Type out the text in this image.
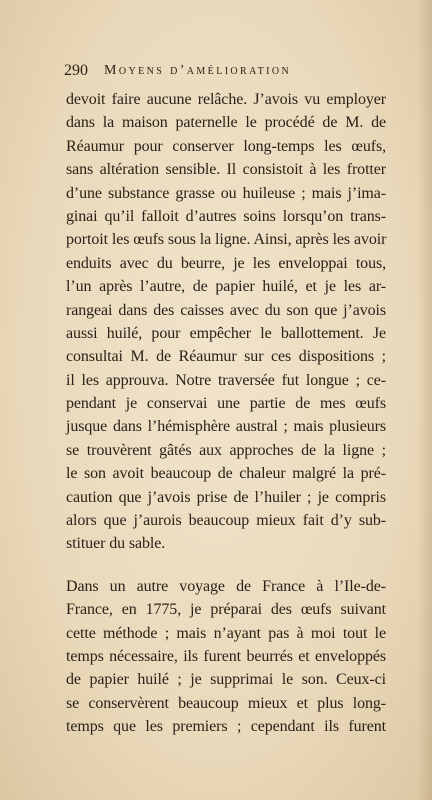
290 Moyens d’amélioration
devoit faire aucune relâche. J’avois vu employer
dans la maison paternelle le procédé de M. de
Réaumur pour conserver long-temps les œufs,
sans altération sensible. Il consistoit à les frotter
d’une substance grasse ou huileuse ; mais j’ima-
ginai qu’il falloit d’autres soins lorsqu’on trans-
portoit les œufs sous la ligne. Ainsi, après les avoir
enduits avec du beurre, je les enveloppai tous,
l’un après l’autre, de papier huilé, et je les ar-
rangeai dans des caisses avec du son que j’avois
aussi huilé, pour empêcher le ballottement. Je
consultai M. de Réaumur sur ces dispositions ;
il les approuva. Notre traversée fut longue ; ce-
pendant je conservai une partie de mes œufs
jusque dans l’hémisphère austral ; mais plusieurs
se trouvèrent gâtés aux approches de la ligne ;
le son avoit beaucoup de chaleur malgré la pré-
caution que j’avois prise de l’huiler ; je compris
alors que j’aurois beaucoup mieux fait d’y sub-
stituer du sable.
Dans un autre voyage de France à l’Ile-de-
France, en 1775, je préparai des œufs suivant
cette méthode ; mais n’ayant pas à moi tout le
temps nécessaire, ils furent beurrés et enveloppés
de papier huilé ; je supprimai le son. Ceux-ci
se conservèrent beaucoup mieux et plus long-
temps que les premiers ; cependant ils furent
